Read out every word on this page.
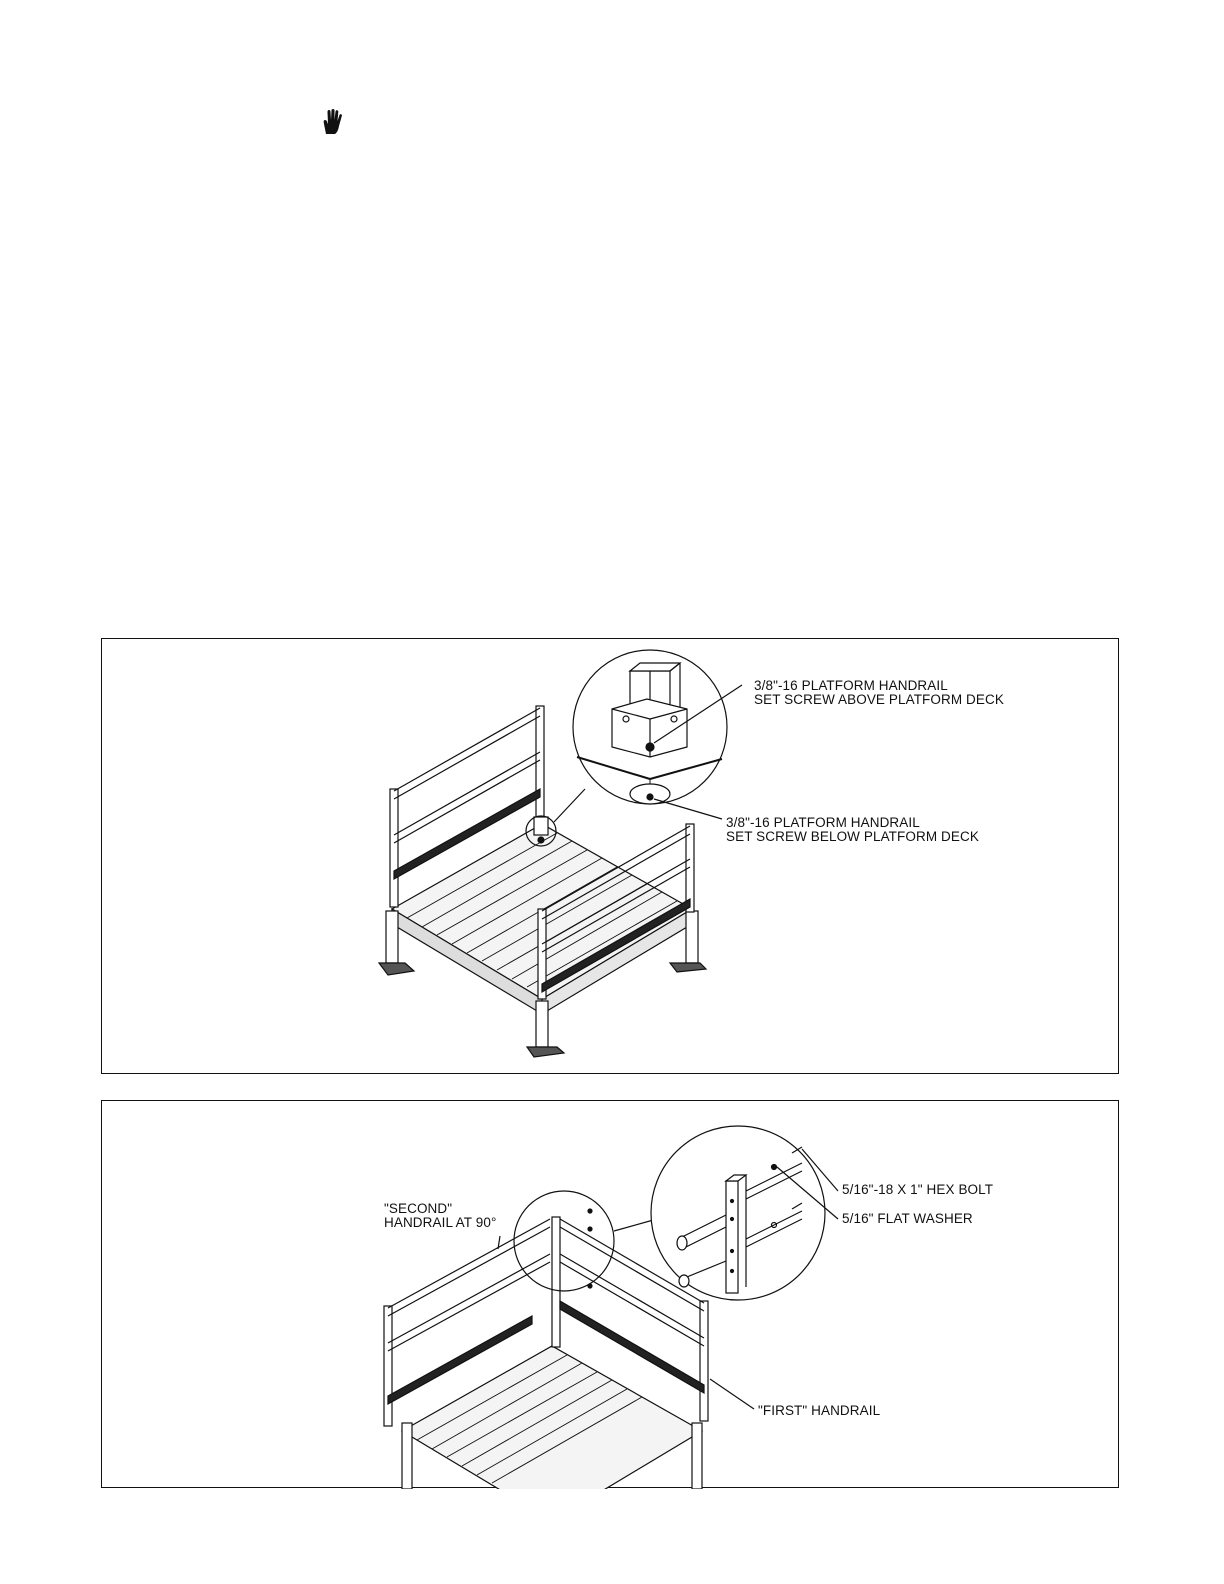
3/8"-16 PLATFORM HANDRAIL
SET SCREW ABOVE PLATFORM DECK
3/8"-16 PLATFORM HANDRAIL
SET SCREW BELOW PLATFORM DECK
"SECOND"
HANDRAIL AT 90°
5/16"-18 X 1" HEX BOLT
5/16" FLAT WASHER
"FIRST" HANDRAIL
